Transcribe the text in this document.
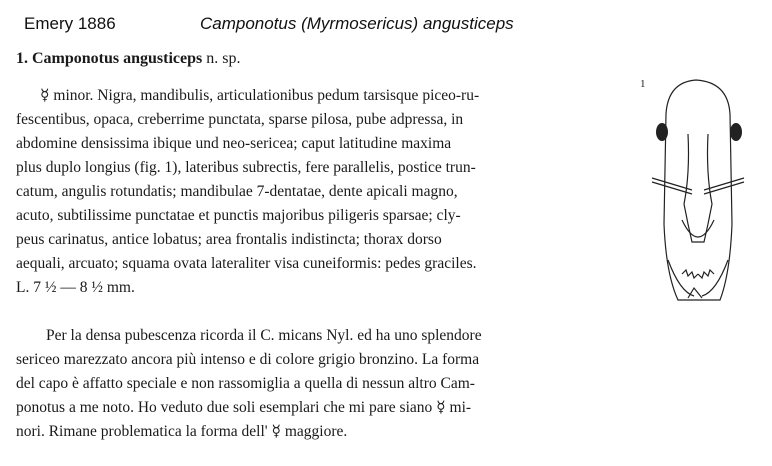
Emery 1886	Camponotus (Myrmosericus) angusticeps
1. Camponotus angusticeps n. sp.
☿ minor. Nigra, mandibulis, articulationibus pedum tarsisque piceo-ru-
fescentibus, opaca, creberrime punctata, sparse pilosa, pube adpressa, in
abdomine densissima ibique und neo-sericea; caput latitudine maxima
plus duplo longius (fig. 1), lateribus subrectis, fere parallelis, postice trun-
catum, angulis rotundatis; mandibulae 7-dentatae, dente apicali magno,
acuto, subtilissime punctatae et punctis majoribus piligeris sparsae; cly-
peus carinatus, antice lobatus; area frontalis indistincta; thorax dorso
aequali, arcuato; squama ovata lateraliter visa cuneiformis: pedes graciles.
L. 7 ½ — 8 ½ mm.
Per la densa pubescenza ricorda il C. micans Nyl. ed ha uno splendore
sericeo marezzato ancora più intenso e di colore grigio bronzino. La forma
del capo è affatto speciale e non rassomiglia a quella di nessun altro Cam-
ponotus a me noto. Ho veduto due soli esemplari che mi pare siano ☿ mi-
nori. Rimane problematica la forma dell' ☿ maggiore.
1
